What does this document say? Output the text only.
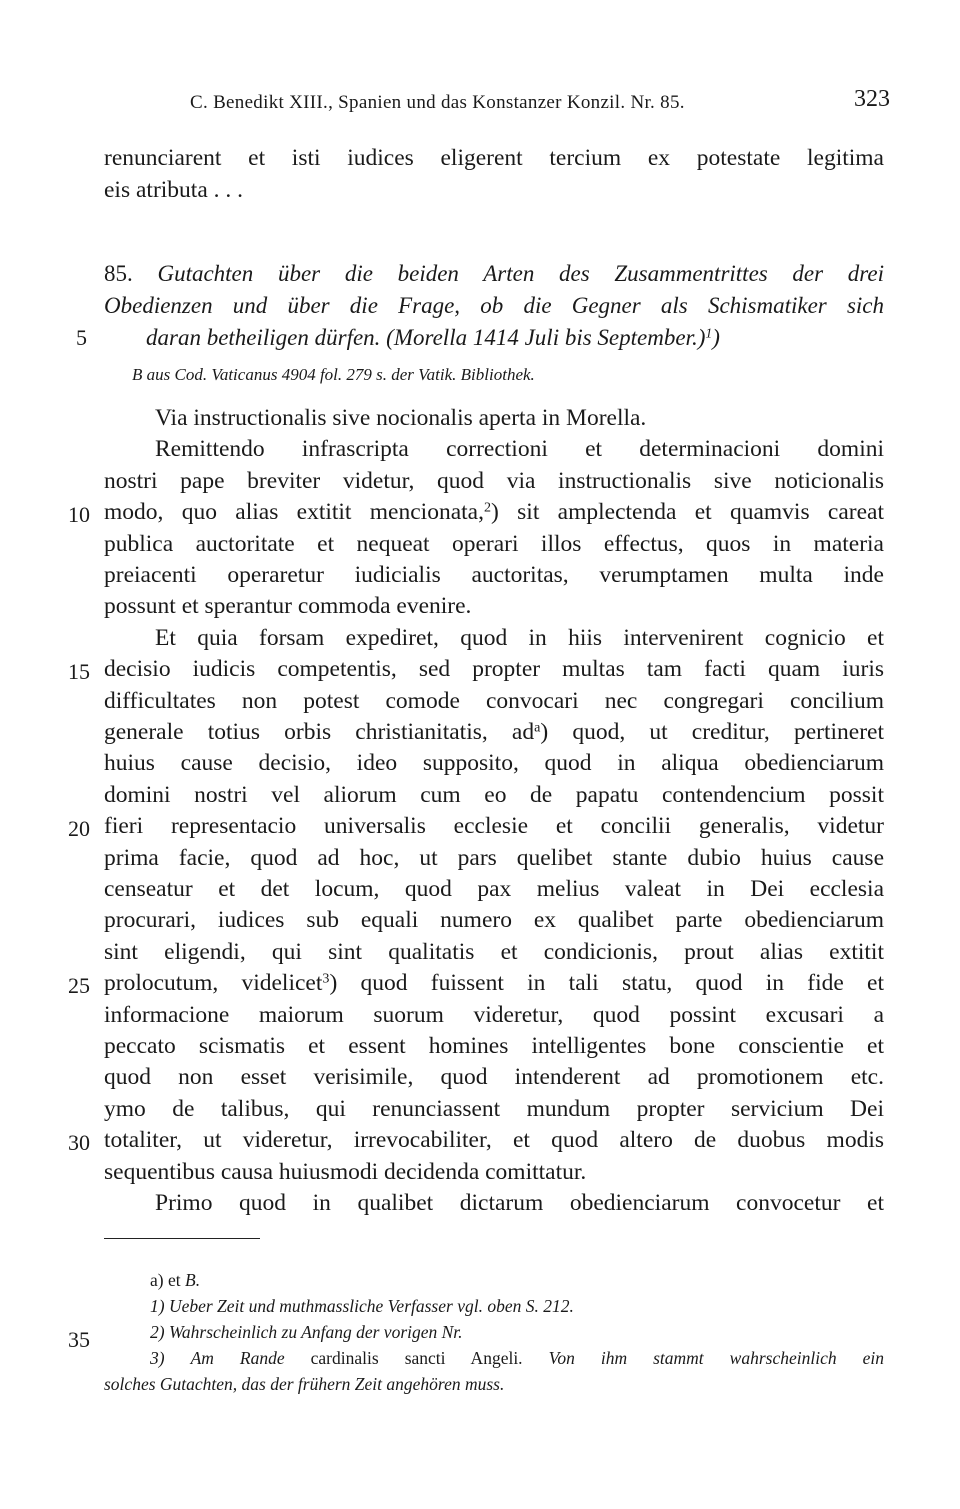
C. Benedikt XIII., Spanien und das Konstanzer Konzil. Nr. 85.	323
renunciarent et isti iudices eligerent tercium ex potestate legitima
eis atributa . . .
85. Gutachten über die beiden Arten des Zusammentrittes der drei
Obedienzen und über die Frage, ob die Gegner als Schismatiker sich
daran betheiligen dürfen. (Morella 1414 Juli bis September.)$^1$)
B aus Cod. Vaticanus 4904 fol. 279 s. der Vatik. Bibliothek.
Via instructionalis sive nocionalis aperta in Morella.
Remittendo infrascripta correctioni et determinacioni domini
nostri pape breviter videtur, quod via instructionalis sive noticionalis
modo, quo alias extitit mencionata,$^2$) sit amplectenda et quamvis careat
publica auctoritate et nequeat operari illos effectus, quos in materia
preiacenti operaretur iudicialis auctoritas, verumptamen multa inde
possunt et sperantur commoda evenire.
Et quia forsam expediret, quod in hiis intervenirent cognicio et
decisio iudicis competentis, sed propter multas tam facti quam iuris
difficultates non potest comode convocari nec congregari concilium
generale totius orbis christianitatis, $ad^a$) quod, ut creditur, pertineret
huius cause decisio, ideo supposito, quod in aliqua obedienciarum
domini nostri vel aliorum cum eo de papatu contendencium possit
fieri representacio universalis ecclesie et concilii generalis, videtur
prima facie, quod ad hoc, ut pars quelibet stante dubio huius cause
censeatur et det locum, quod pax melius valeat in Dei ecclesia
procurari, iudices sub equali numero ex qualibet parte obedienciarum
sint eligendi, qui sint qualitatis et condicionis, prout alias extitit
prolocutum, videlicet$^3$) quod fuissent in tali statu, quod in fide et
informacione maiorum suorum videretur, quod possint excusari a
peccato scismatis et essent homines intelligentes bone conscientie et
quod non esset verisimile, quod intenderent ad promotionem etc.
ymo de talibus, qui renunciassent mundum propter servicium Dei
totaliter, ut videretur, irrevocabiliter, et quod altero de duobus modis
sequentibus causa huiusmodi decidenda comittatur.
Primo quod in qualibet dictarum obedienciarum convocetur et
5
10
15
20
25
30
35
a) et B.
1) Ueber Zeit und muthmassliche Verfasser vgl. oben S. 212.
2) Wahrscheinlich zu Anfang der vorigen Nr.
3) Am Rande cardinalis sancti Angeli. Von ihm stammt wahrscheinlich ein
solches Gutachten, das der frühern Zeit angehören muss.
